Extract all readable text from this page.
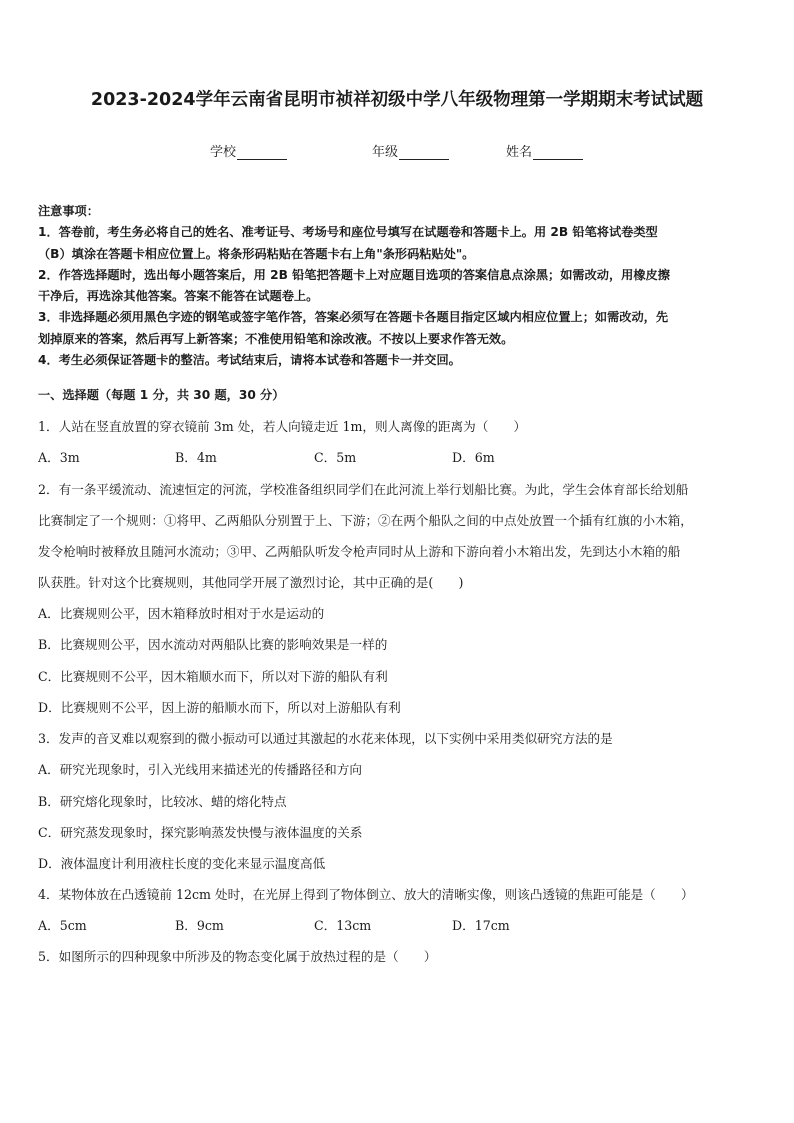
2023-2024学年云南省昆明市祯祥初级中学八年级物理第一学期期末考试试题
学校	年级	姓名

注意事项：

1．答卷前，考生务必将自己的姓名、准考证号、考场号和座位号填写在试题卷和答题卡上。用 2B 铅笔将试卷类型

（B）填涂在答题卡相应位置上。将条形码粘贴在答题卡右上角"条形码粘贴处"。

2．作答选择题时，选出每小题答案后，用 2B 铅笔把答题卡上对应题目选项的答案信息点涂黑；如需改动，用橡皮擦

干净后，再选涂其他答案。答案不能答在试题卷上。

3．非选择题必须用黑色字迹的钢笔或签字笔作答，答案必须写在答题卡各题目指定区域内相应位置上；如需改动，先

划掉原来的答案，然后再写上新答案；不准使用铅笔和涂改液。不按以上要求作答无效。

4．考生必须保证答题卡的整洁。考试结束后，请将本试卷和答题卡一并交回。

一、选择题（每题 1 分，共 30 题，30 分）
1．人站在竖直放置的穿衣镜前 3m 处，若人向镜走近 1m，则人离像的距离为（　　）
A．3m	B．4m	C．5m	D．6m
2．有一条平缓流动、流速恒定的河流，学校准备组织同学们在此河流上举行划船比赛。为此，学生会体育部长给划船
比赛制定了一个规则：①将甲、乙两船队分别置于上、下游；②在两个船队之间的中点处放置一个插有红旗的小木箱，
发令枪响时被释放且随河水流动；③甲、乙两船队听发令枪声同时从上游和下游向着小木箱出发，先到达小木箱的船
队获胜。针对这个比赛规则，其他同学开展了激烈讨论，其中正确的是(　　)
A．比赛规则公平，因木箱释放时相对于水是运动的
B．比赛规则公平，因水流动对两船队比赛的影响效果是一样的
C．比赛规则不公平，因木箱顺水而下，所以对下游的船队有利
D．比赛规则不公平，因上游的船顺水而下，所以对上游船队有利
3．发声的音叉难以观察到的微小振动可以通过其激起的水花来体现，以下实例中采用类似研究方法的是
A．研究光现象时，引入光线用来描述光的传播路径和方向
B．研究熔化现象时，比较冰、蜡的熔化特点
C．研究蒸发现象时，探究影响蒸发快慢与液体温度的关系
D．液体温度计利用液柱长度的变化来显示温度高低
4．某物体放在凸透镜前 12cm 处时，在光屏上得到了物体倒立、放大的清晰实像，则该凸透镜的焦距可能是（　　）
A．5cm	B．9cm	C．13cm	D．17cm
5．如图所示的四种现象中所涉及的物态变化属于放热过程的是（　　）
